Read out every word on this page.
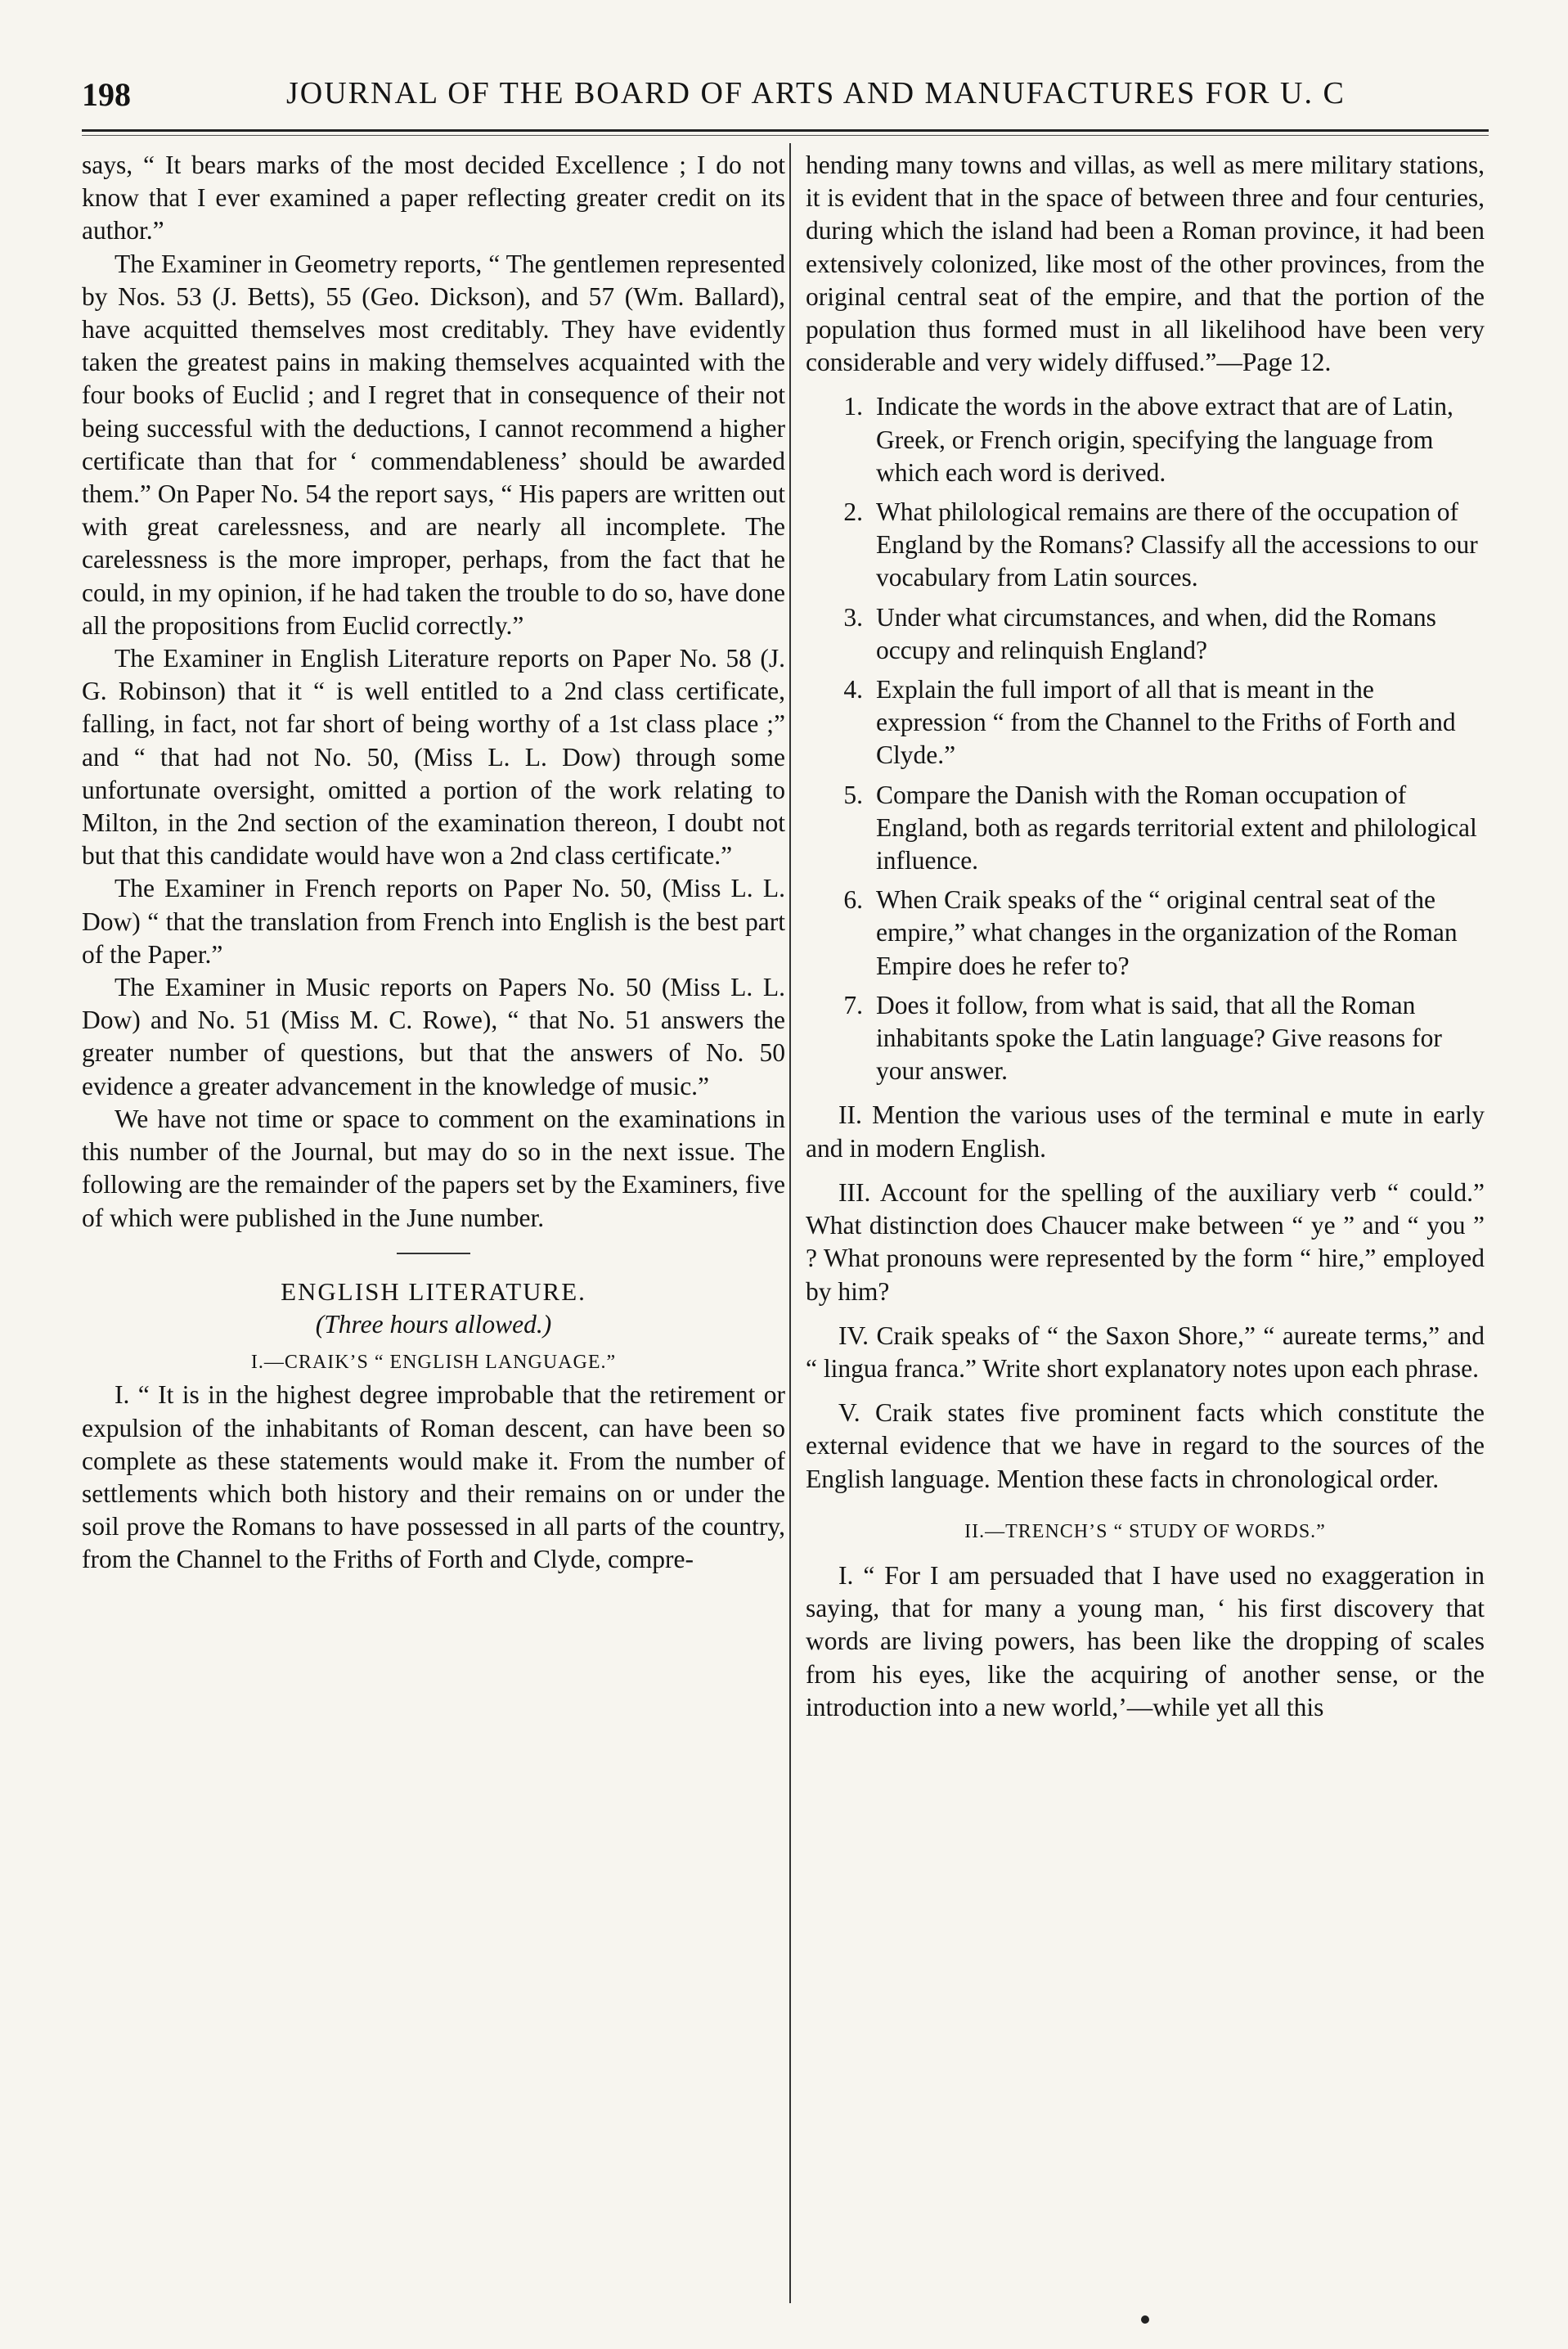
198	JOURNAL OF THE BOARD OF ARTS AND MANUFACTURES FOR U. C

says, “ It bears marks of the most decided Excellence ; I do not know that I ever examined a paper reflecting greater credit on its author.”

The Examiner in Geometry reports, “ The gentlemen represented by Nos. 53 (J. Betts), 55 (Geo. Dickson), and 57 (Wm. Ballard), have acquitted themselves most creditably. They have evidently taken the greatest pains in making themselves acquainted with the four books of Euclid ; and I regret that in consequence of their not being successful with the deductions, I cannot recommend a higher certificate than that for ‘ commendableness’ should be awarded them.” On Paper No. 54 the report says, “ His papers are written out with great carelessness, and are nearly all incomplete. The carelessness is the more improper, perhaps, from the fact that he could, in my opinion, if he had taken the trouble to do so, have done all the propositions from Euclid correctly.”

The Examiner in English Literature reports on Paper No. 58 (J. G. Robinson) that it “ is well entitled to a 2nd class certificate, falling, in fact, not far short of being worthy of a 1st class place ;” and “ that had not No. 50, (Miss L. L. Dow) through some unfortunate oversight, omitted a portion of the work relating to Milton, in the 2nd section of the examination thereon, I doubt not but that this candidate would have won a 2nd class certificate.”

The Examiner in French reports on Paper No. 50, (Miss L. L. Dow) “ that the translation from French into English is the best part of the Paper.”

The Examiner in Music reports on Papers No. 50 (Miss L. L. Dow) and No. 51 (Miss M. C. Rowe), “ that No. 51 answers the greater number of questions, but that the answers of No. 50 evidence a greater advancement in the knowledge of music.”

We have not time or space to comment on the examinations in this number of the Journal, but may do so in the next issue. The following are the remainder of the papers set by the Examiners, five of which were published in the June number.

ENGLISH LITERATURE.

(Three hours allowed.)

I.—CRAIK’S “ ENGLISH LANGUAGE.”

I. “ It is in the highest degree improbable that the retirement or expulsion of the inhabitants of Roman descent, can have been so complete as these statements would make it. From the number of settlements which both history and their remains on or under the soil prove the Romans to have possessed in all parts of the country, from the Channel to the Friths of Forth and Clyde, compre-

hending many towns and villas, as well as mere military stations, it is evident that in the space of between three and four centuries, during which the island had been a Roman province, it had been extensively colonized, like most of the other provinces, from the original central seat of the empire, and that the portion of the population thus formed must in all likelihood have been very considerable and very widely diffused.”—Page 12.

1. Indicate the words in the above extract that are of Latin, Greek, or French origin, specifying the language from which each word is derived.
2. What philological remains are there of the occupation of England by the Romans? Classify all the accessions to our vocabulary from Latin sources.
3. Under what circumstances, and when, did the Romans occupy and relinquish England?
4. Explain the full import of all that is meant in the expression “ from the Channel to the Friths of Forth and Clyde.”
5. Compare the Danish with the Roman occupation of England, both as regards territorial extent and philological influence.
6. When Craik speaks of the “ original central seat of the empire,” what changes in the organization of the Roman Empire does he refer to?
7. Does it follow, from what is said, that all the Roman inhabitants spoke the Latin language? Give reasons for your answer.

II. Mention the various uses of the terminal e mute in early and in modern English.

III. Account for the spelling of the auxiliary verb “ could.” What distinction does Chaucer make between “ ye ” and “ you ” ? What pronouns were represented by the form “ hire,” employed by him?

IV. Craik speaks of “ the Saxon Shore,” “ aureate terms,” and “ lingua franca.” Write short explanatory notes upon each phrase.

V. Craik states five prominent facts which constitute the external evidence that we have in regard to the sources of the English language. Mention these facts in chronological order.

II.—TRENCH’S “ STUDY OF WORDS.”

I. “ For I am persuaded that I have used no exaggeration in saying, that for many a young man, ‘ his first discovery that words are living powers, has been like the dropping of scales from his eyes, like the acquiring of another sense, or the introduction into a new world,’—while yet all this
